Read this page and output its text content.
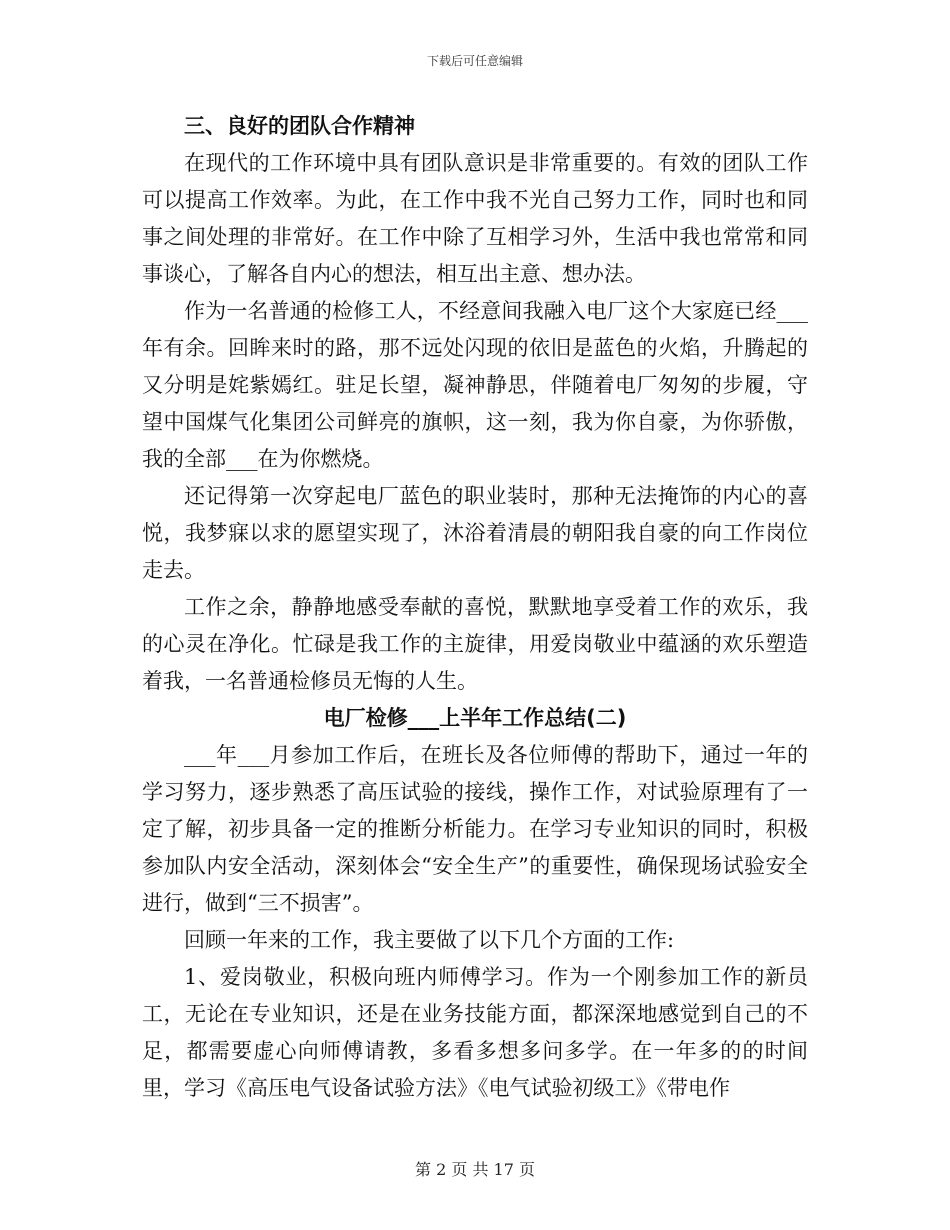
下载后可任意编辑
三、良好的团队合作精神

在现代的工作环境中具有团队意识是非常重要的。有效的团队工作可以提高工作效率。为此，在工作中我不光自己努力工作，同时也和同事之间处理的非常好。在工作中除了互相学习外，生活中我也常常和同事谈心，了解各自内心的想法，相互出主意、想办法。

作为一名普通的检修工人，不经意间我融入电厂这个大家庭已经___年有余。回眸来时的路，那不远处闪现的依旧是蓝色的火焰，升腾起的又分明是姹紫嫣红。驻足长望，凝神静思，伴随着电厂匆匆的步履，守望中国煤气化集团公司鲜亮的旗帜，这一刻，我为你自豪，为你骄傲，我的全部___在为你燃烧。

还记得第一次穿起电厂蓝色的职业装时，那种无法掩饰的内心的喜悦，我梦寐以求的愿望实现了，沐浴着清晨的朝阳我自豪的向工作岗位走去。

工作之余，静静地感受奉献的喜悦，默默地享受着工作的欢乐，我的心灵在净化。忙碌是我工作的主旋律，用爱岗敬业中蕴涵的欢乐塑造着我，一名普通检修员无悔的人生。

电厂检修___上半年工作总结(二)

___年___月参加工作后，在班长及各位师傅的帮助下，通过一年的学习努力，逐步熟悉了高压试验的接线，操作工作，对试验原理有了一定了解，初步具备一定的推断分析能力。在学习专业知识的同时，积极参加队内安全活动，深刻体会“安全生产”的重要性，确保现场试验安全进行，做到“三不损害”。

回顾一年来的工作，我主要做了以下几个方面的工作:

1、爱岗敬业，积极向班内师傅学习。作为一个刚参加工作的新员工，无论在专业知识，还是在业务技能方面，都深深地感觉到自己的不足，都需要虚心向师傅请教，多看多想多问多学。在一年多的的时间里，学习《高压电气设备试验方法》《电气试验初级工》《带电作

第 2 页 共 17 页
